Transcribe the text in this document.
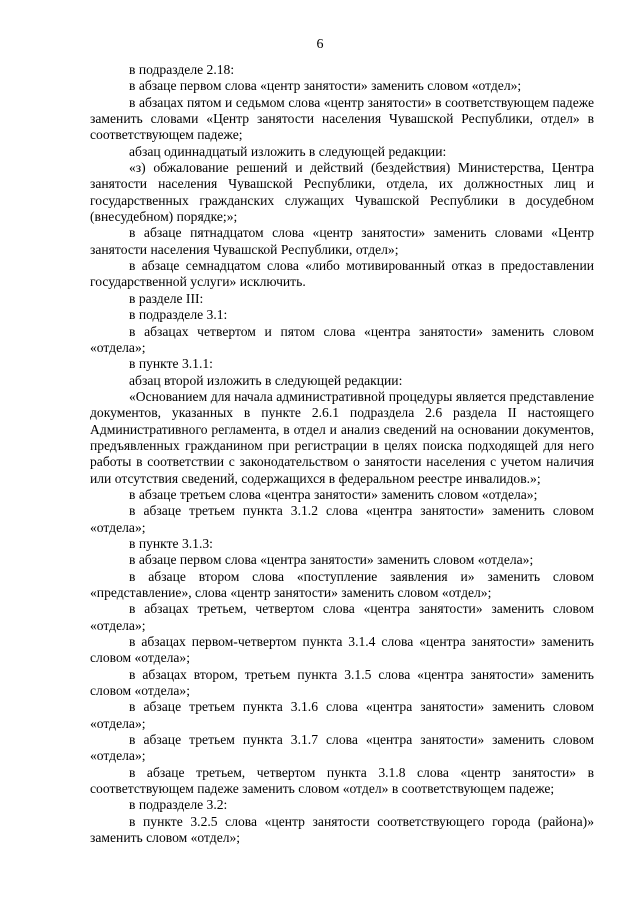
6

в подразделе 2.18:

в абзаце первом слова «центр занятости» заменить словом «отдел»;

в абзацах пятом и седьмом слова «центр занятости» в соответствующем падеже заменить словами «Центр занятости населения Чувашской Республики, отдел» в соответствующем падеже;

абзац одиннадцатый изложить в следующей редакции:

«з) обжалование решений и действий (бездействия) Министерства, Центра занятости населения Чувашской Республики, отдела, их должностных лиц и государственных гражданских служащих Чувашской Республики в досудебном (внесудебном) порядке;»;

в абзаце пятнадцатом слова «центр занятости» заменить словами «Центр занятости населения Чувашской Республики, отдел»;

в абзаце семнадцатом слова «либо мотивированный отказ в предоставлении государственной услуги» исключить.

в разделе III:

в подразделе 3.1:

в абзацах четвертом и пятом слова «центра занятости» заменить словом «отдела»;

в пункте 3.1.1:

абзац второй изложить в следующей редакции:

«Основанием для начала административной процедуры является представление документов, указанных в пункте 2.6.1 подраздела 2.6 раздела II настоящего Административного регламента, в отдел и анализ сведений на основании документов, предъявленных гражданином при регистрации в целях поиска подходящей для него работы в соответствии с законодательством о занятости населения с учетом наличия или отсутствия сведений, содержащихся в федеральном реестре инвалидов.»;

в абзаце третьем слова «центра занятости» заменить словом «отдела»;

в абзаце третьем пункта 3.1.2 слова «центра занятости» заменить словом «отдела»;

в пункте 3.1.3:

в абзаце первом слова «центра занятости» заменить словом «отдела»;

в абзаце втором слова «поступление заявления и» заменить словом «представление», слова «центр занятости» заменить словом «отдел»;

в абзацах третьем, четвертом слова «центра занятости» заменить словом «отдела»;

в абзацах первом-четвертом пункта 3.1.4 слова «центра занятости» заменить словом «отдела»;

в абзацах втором, третьем пункта 3.1.5 слова «центра занятости» заменить словом «отдела»;

в абзаце третьем пункта 3.1.6 слова «центра занятости» заменить словом «отдела»;

в абзаце третьем пункта 3.1.7 слова «центра занятости» заменить словом «отдела»;

в абзаце третьем, четвертом пункта 3.1.8 слова «центр занятости» в соответствующем падеже заменить словом «отдел» в соответствующем падеже;

в подразделе 3.2:

в пункте 3.2.5 слова «центр занятости соответствующего города (района)» заменить словом «отдел»;
